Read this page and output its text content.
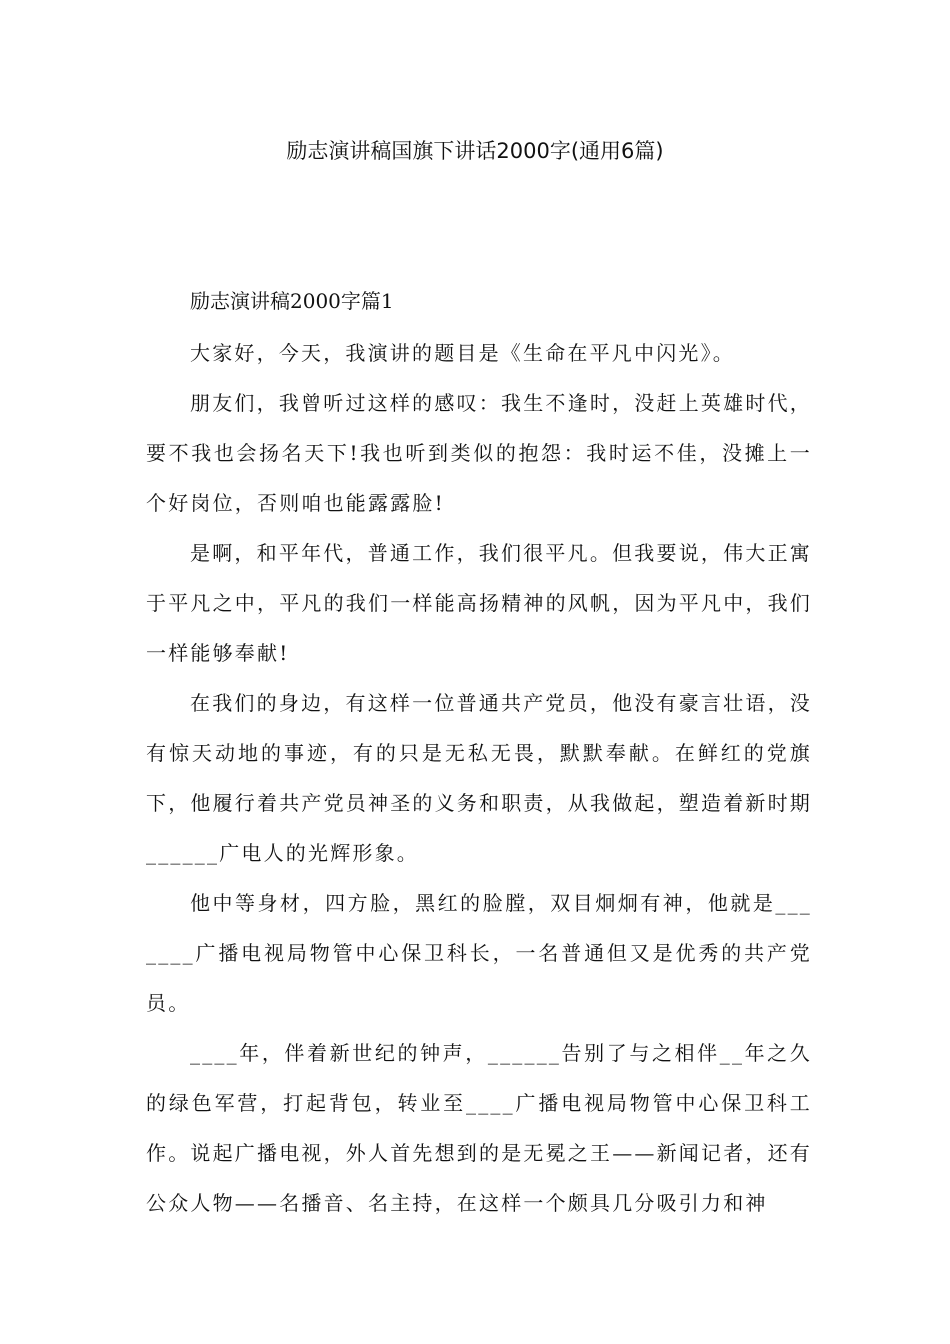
励志演讲稿国旗下讲话2000字(通用6篇)
励志演讲稿2000字篇1

大家好，今天，我演讲的题目是《生命在平凡中闪光》。

朋友们，我曾听过这样的感叹：我生不逢时，没赶上英雄时代，要不我也会扬名天下!我也听到类似的抱怨：我时运不佳，没摊上一个好岗位，否则咱也能露露脸!

是啊，和平年代，普通工作，我们很平凡。但我要说，伟大正寓于平凡之中，平凡的我们一样能高扬精神的风帆，因为平凡中，我们一样能够奉献!

在我们的身边，有这样一位普通共产党员，他没有豪言壮语，没有惊天动地的事迹，有的只是无私无畏，默默奉献。在鲜红的党旗下，他履行着共产党员神圣的义务和职责，从我做起，塑造着新时期______广电人的光辉形象。

他中等身材，四方脸，黑红的脸膛，双目炯炯有神，他就是_______广播电视局物管中心保卫科长，一名普通但又是优秀的共产党员。

____年，伴着新世纪的钟声，______告别了与之相伴__年之久的绿色军营，打起背包，转业至____广播电视局物管中心保卫科工作。说起广播电视，外人首先想到的是无冕之王——新闻记者，还有公众人物——名播音、名主持，在这样一个颇具几分吸引力和神
